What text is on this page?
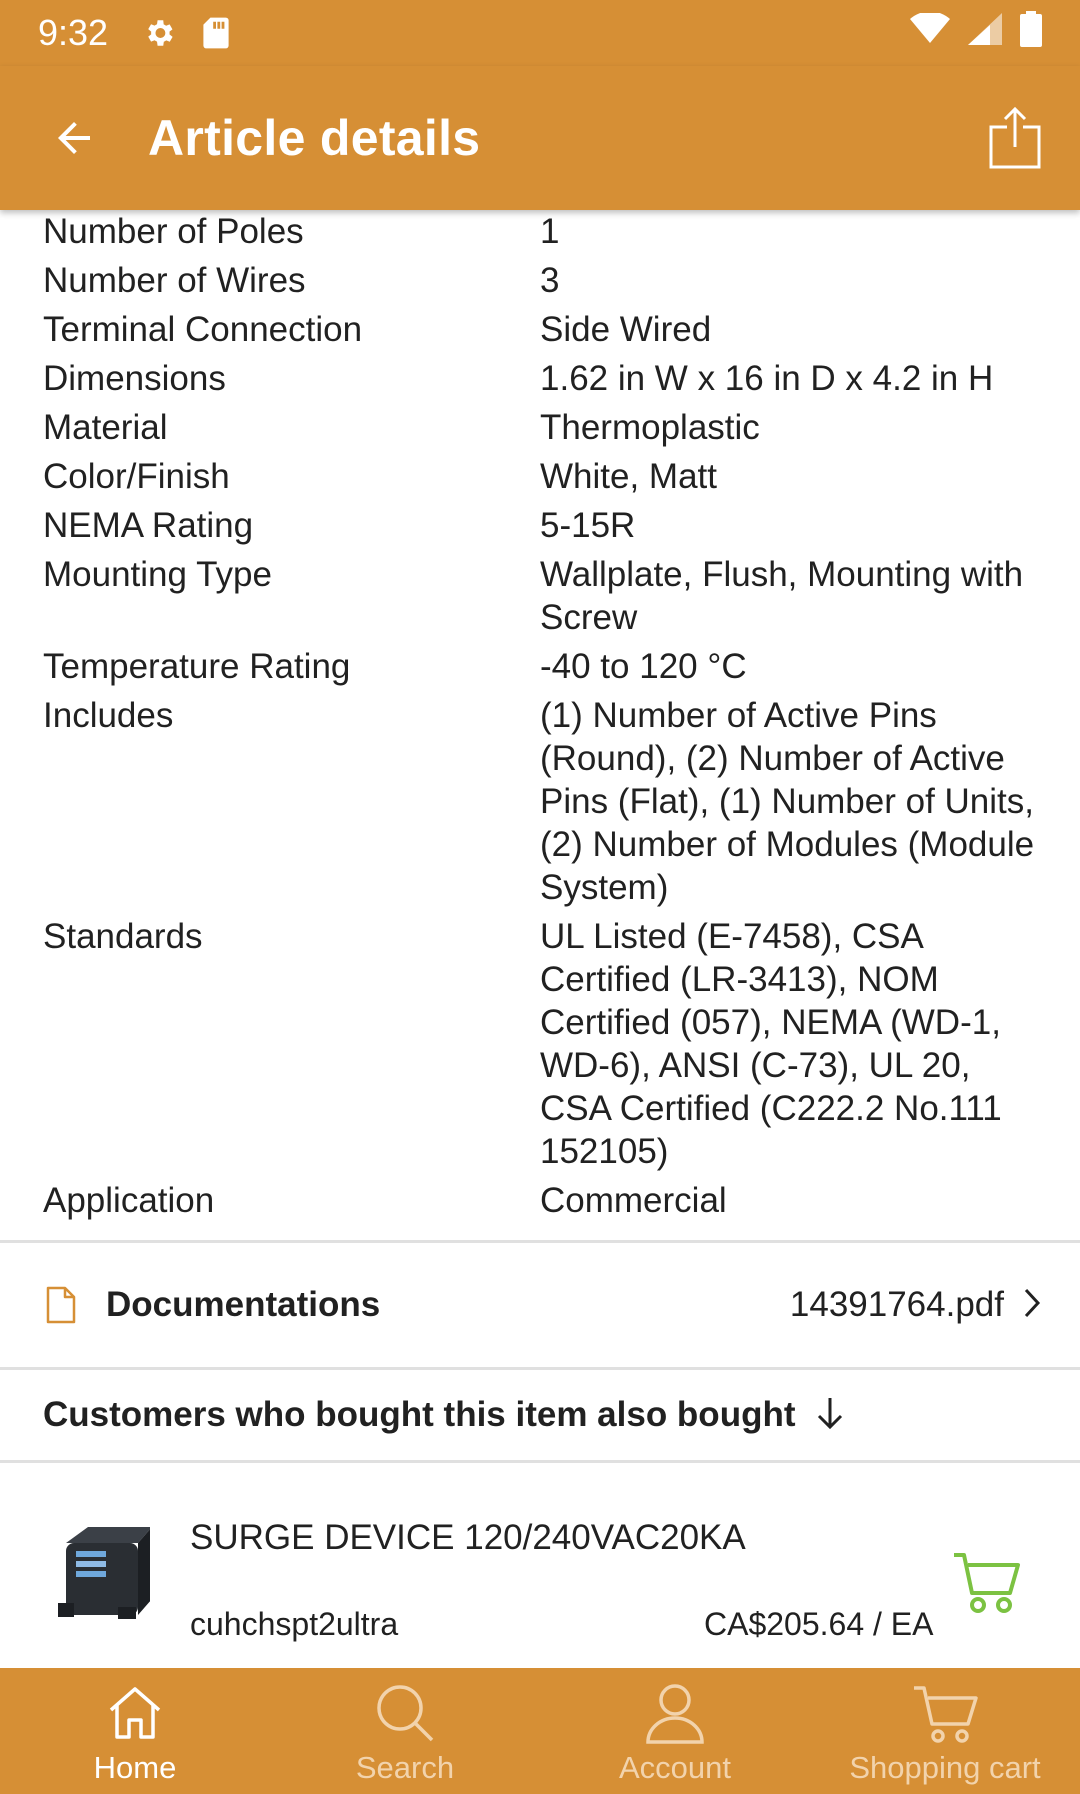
9:32
Article details
Number of Poles	1
Number of Wires	3
Terminal Connection	Side Wired
Dimensions	1.62 in W x 16 in D x 4.2 in H
Material	Thermoplastic
Color/Finish	White, Matt
NEMA Rating	5-15R
Mounting Type	Wallplate, Flush, Mounting with Screw
Temperature Rating	-40 to 120 °C
Includes	(1) Number of Active Pins (Round), (2) Number of Active Pins (Flat), (1) Number of Units, (2) Number of Modules (Module System)
Standards	UL Listed (E-7458), CSA Certified (LR-3413), NOM Certified (057), NEMA (WD-1, WD-6), ANSI (C-73), UL 20, CSA Certified (C222.2 No.111 152105)
Application	Commercial
Documentations	14391764.pdf
Customers who bought this item also bought
SURGE DEVICE 120/240VAC20KA
cuhchspt2ultra	CA$205.64 / EA
Home	Search	Account	Shopping cart
